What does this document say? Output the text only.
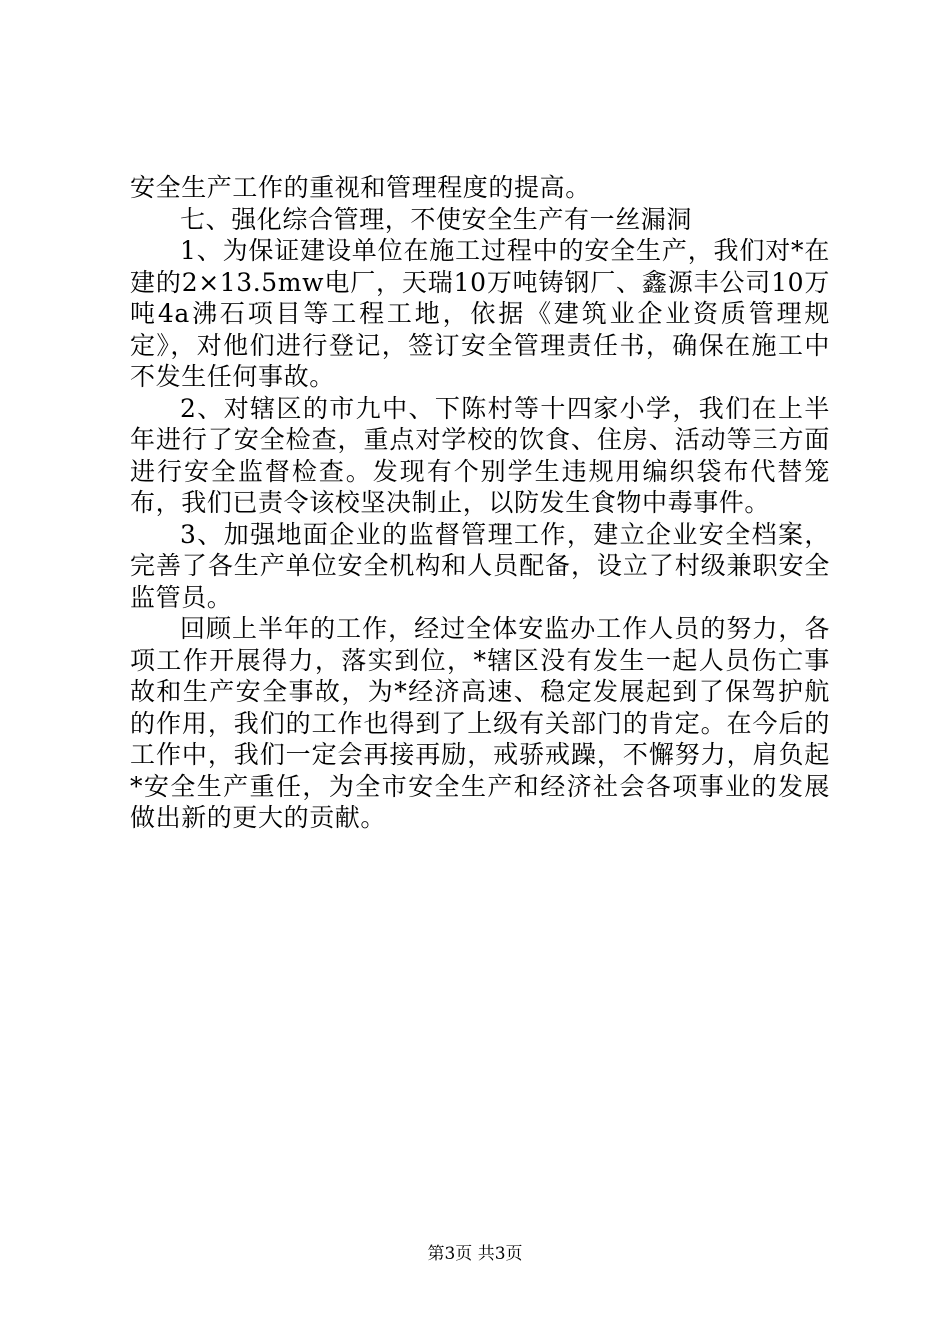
安全生产工作的重视和管理程度的提高。

七、强化综合管理，不使安全生产有一丝漏洞

1、为保证建设单位在施工过程中的安全生产，我们对*在建的2×13.5mw电厂，天瑞10万吨铸钢厂、鑫源丰公司10万吨4a沸石项目等工程工地，依据《建筑业企业资质管理规定》，对他们进行登记，签订安全管理责任书，确保在施工中不发生任何事故。

2、对辖区的市九中、下陈村等十四家小学，我们在上半年进行了安全检查，重点对学校的饮食、住房、活动等三方面进行安全监督检查。发现有个别学生违规用编织袋布代替笼布，我们已责令该校坚决制止，以防发生食物中毒事件。

3、加强地面企业的监督管理工作，建立企业安全档案，完善了各生产单位安全机构和人员配备，设立了村级兼职安全监管员。

回顾上半年的工作，经过全体安监办工作人员的努力，各项工作开展得力，落实到位，*辖区没有发生一起人员伤亡事故和生产安全事故，为*经济高速、稳定发展起到了保驾护航的作用，我们的工作也得到了上级有关部门的肯定。在今后的工作中，我们一定会再接再励，戒骄戒躁，不懈努力，肩负起*安全生产重任，为全市安全生产和经济社会各项事业的发展做出新的更大的贡献。

第3页 共3页
